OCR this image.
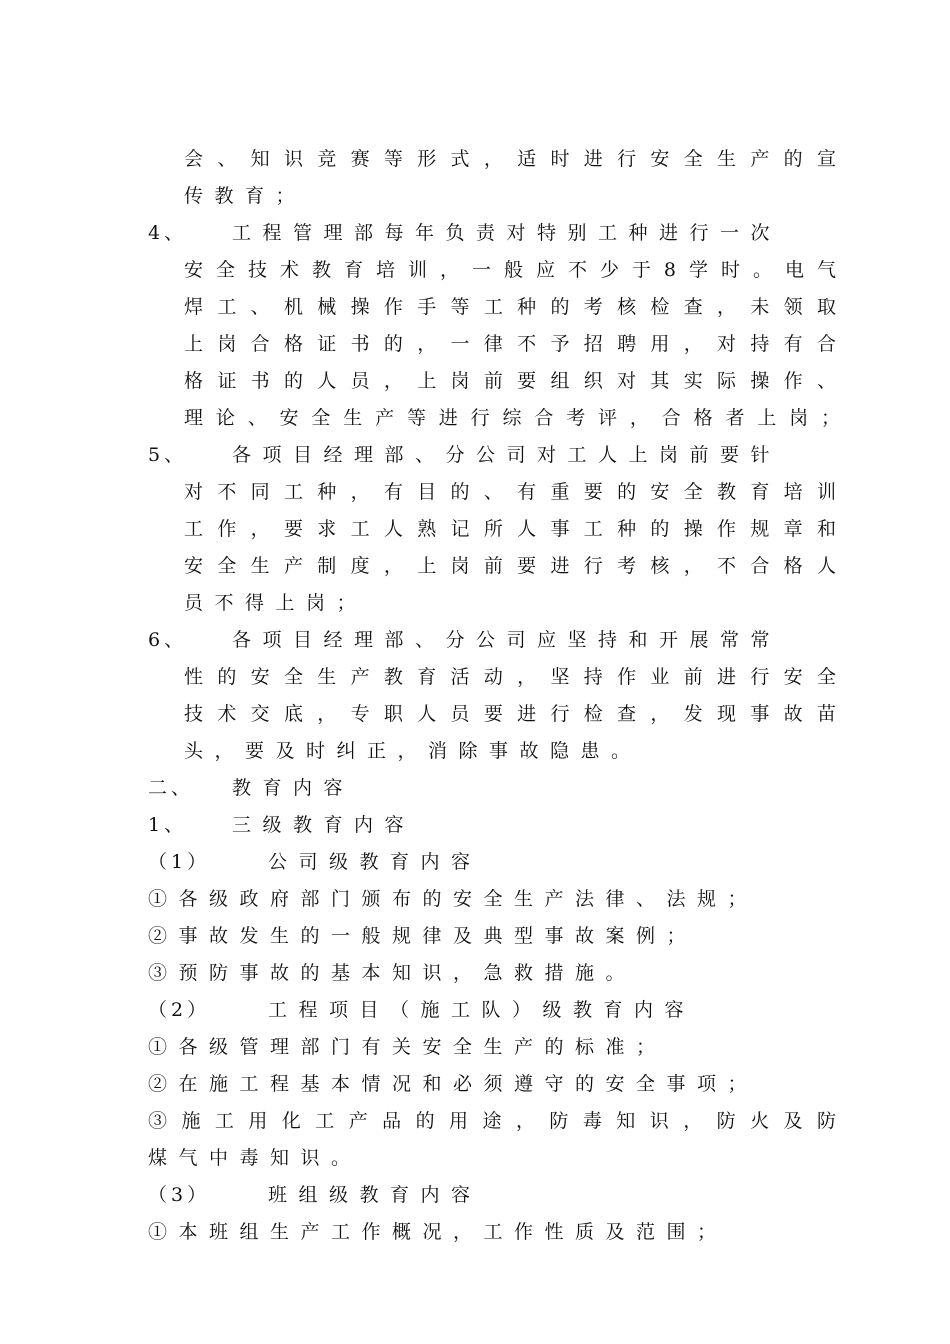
会、知识竞赛等形式，适时进行安全生产的宣
传教育；
4、 工程管理部每年负责对特别工种进行一次
安全技术教育培训，一般应不少于8学时。电气
焊工、机械操作手等工种的考核检查，未领取
上岗合格证书的，一律不予招聘用，对持有合
格证书的人员，上岗前要组织对其实际操作、
理论、安全生产等进行综合考评，合格者上岗；
5、 各项目经理部、分公司对工人上岗前要针
对不同工种，有目的、有重要的安全教育培训
工作，要求工人熟记所人事工种的操作规章和
安全生产制度，上岗前要进行考核，不合格人
员不得上岗；
6、 各项目经理部、分公司应坚持和开展常常
性的安全生产教育活动，坚持作业前进行安全
技术交底，专职人员要进行检查，发现事故苗
头，要及时纠正，消除事故隐患。
二、 教育内容
1、 三级教育内容
（1）	公司级教育内容
①各级政府部门颁布的安全生产法律、法规；
②事故发生的一般规律及典型事故案例；
③预防事故的基本知识，急救措施。
（2）	工程项目（施工队）级教育内容
①各级管理部门有关安全生产的标准；
②在施工程基本情况和必须遵守的安全事项；
③施工用化工产品的用途，防毒知识，防火及防
煤气中毒知识。
（3）	班组级教育内容
①本班组生产工作概况，工作性质及范围；
